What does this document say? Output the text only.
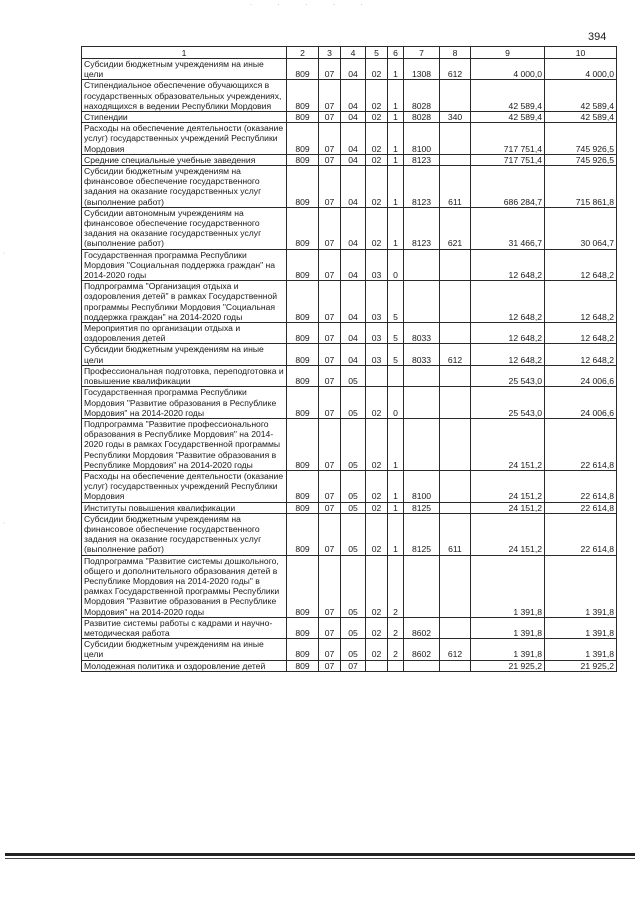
· · · · ·
394
1	2	3	4	5	6	7	8	9	10
Субсидии бюджетным учреждениям на иные цели	809	07	04	02	1	1308	612	4 000,0	4 000,0
Стипендиальное обеспечение обучающихся в государственных образовательных учреждениях, находящихся в ведении Республики Мордовия	809	07	04	02	1	8028		42 589,4	42 589,4
Стипендии	809	07	04	02	1	8028	340	42 589,4	42 589,4
Расходы на обеспечение деятельности (оказание услуг) государственных учреждений Республики Мордовия	809	07	04	02	1	8100		717 751,4	745 926,5
Средние специальные учебные заведения	809	07	04	02	1	8123		717 751,4	745 926,5
Субсидии бюджетным учреждениям на финансовое обеспечение государственного задания на оказание государственных услуг (выполнение работ)	809	07	04	02	1	8123	611	686 284,7	715 861,8
Субсидии автономным учреждениям на финансовое обеспечение государственного задания на оказание государственных услуг (выполнение работ)	809	07	04	02	1	8123	621	31 466,7	30 064,7
Государственная программа Республики Мордовия "Социальная поддержка граждан" на 2014-2020 годы	809	07	04	03	0			12 648,2	12 648,2
Подпрограмма "Организация отдыха и оздоровления детей" в рамках Государственной программы Республики Мордовия "Социальная поддержка граждан" на 2014-2020 годы	809	07	04	03	5			12 648,2	12 648,2
Мероприятия по организации отдыха и оздоровления детей	809	07	04	03	5	8033		12 648,2	12 648,2
Субсидии бюджетным учреждениям на иные цели	809	07	04	03	5	8033	612	12 648,2	12 648,2
Профессиональная подготовка, переподготовка и повышение квалификации	809	07	05					25 543,0	24 006,6
Государственная программа Республики Мордовия "Развитие образования в Республике Мордовия" на 2014-2020 годы	809	07	05	02	0			25 543,0	24 006,6
Подпрограмма "Развитие профессионального образования в Республике Мордовия" на 2014-2020 годы в рамках Государственной программы Республики Мордовия "Развитие образования в Республике Мордовия" на 2014-2020 годы	809	07	05	02	1			24 151,2	22 614,8
Расходы на обеспечение деятельности (оказание услуг) государственных учреждений Республики Мордовия	809	07	05	02	1	8100		24 151,2	22 614,8
Институты повышения квалификации	809	07	05	02	1	8125		24 151,2	22 614,8
Субсидии бюджетным учреждениям на финансовое обеспечение государственного задания на оказание государственных услуг (выполнение работ)	809	07	05	02	1	8125	611	24 151,2	22 614,8
Подпрограмма "Развитие системы дошкольного, общего и дополнительного образования детей в Республике Мордовия на 2014-2020 годы" в рамках Государственной программы Республики Мордовия "Развитие образования в Республике Мордовия" на 2014-2020 годы	809	07	05	02	2			1 391,8	1 391,8
Развитие системы работы с кадрами и научно-методическая работа	809	07	05	02	2	8602		1 391,8	1 391,8
Субсидии бюджетным учреждениям на иные цели	809	07	05	02	2	8602	612	1 391,8	1 391,8
Молодежная политика и оздоровление детей	809	07	07					21 925,2	21 925,2
·
·
